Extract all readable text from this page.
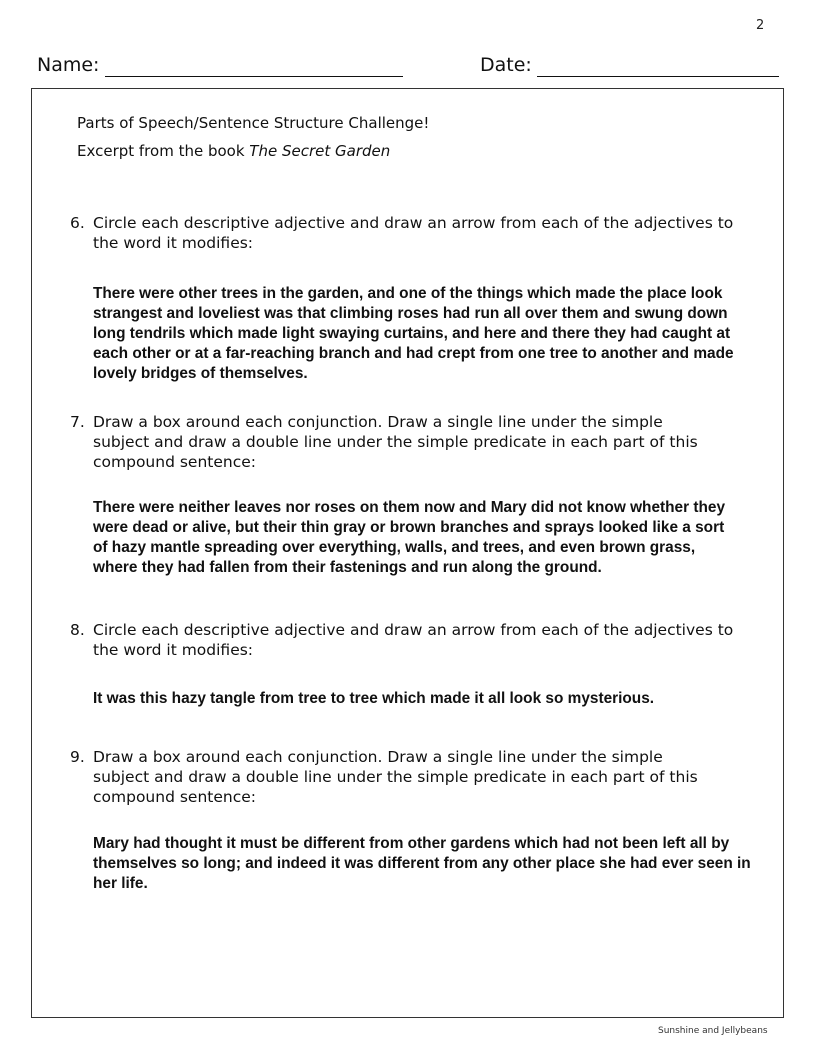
2
Name:	Date:
Parts of Speech/Sentence Structure Challenge!
Excerpt from the book The Secret Garden
6. Circle each descriptive adjective and draw an arrow from each of the adjectives to the word it modifies:
There were other trees in the garden, and one of the things which made the place look strangest and loveliest was that climbing roses had run all over them and swung down long tendrils which made light swaying curtains, and here and there they had caught at each other or at a far-reaching branch and had crept from one tree to another and made lovely bridges of themselves.
7. Draw a box around each conjunction. Draw a single line under the simple subject and draw a double line under the simple predicate in each part of this compound sentence:
There were neither leaves nor roses on them now and Mary did not know whether they were dead or alive, but their thin gray or brown branches and sprays looked like a sort of hazy mantle spreading over everything, walls, and trees, and even brown grass, where they had fallen from their fastenings and run along the ground.
8. Circle each descriptive adjective and draw an arrow from each of the adjectives to the word it modifies:
It was this hazy tangle from tree to tree which made it all look so mysterious.
9. Draw a box around each conjunction. Draw a single line under the simple subject and draw a double line under the simple predicate in each part of this compound sentence:
Mary had thought it must be different from other gardens which had not been left all by themselves so long; and indeed it was different from any other place she had ever seen in her life.
Sunshine and Jellybeans
